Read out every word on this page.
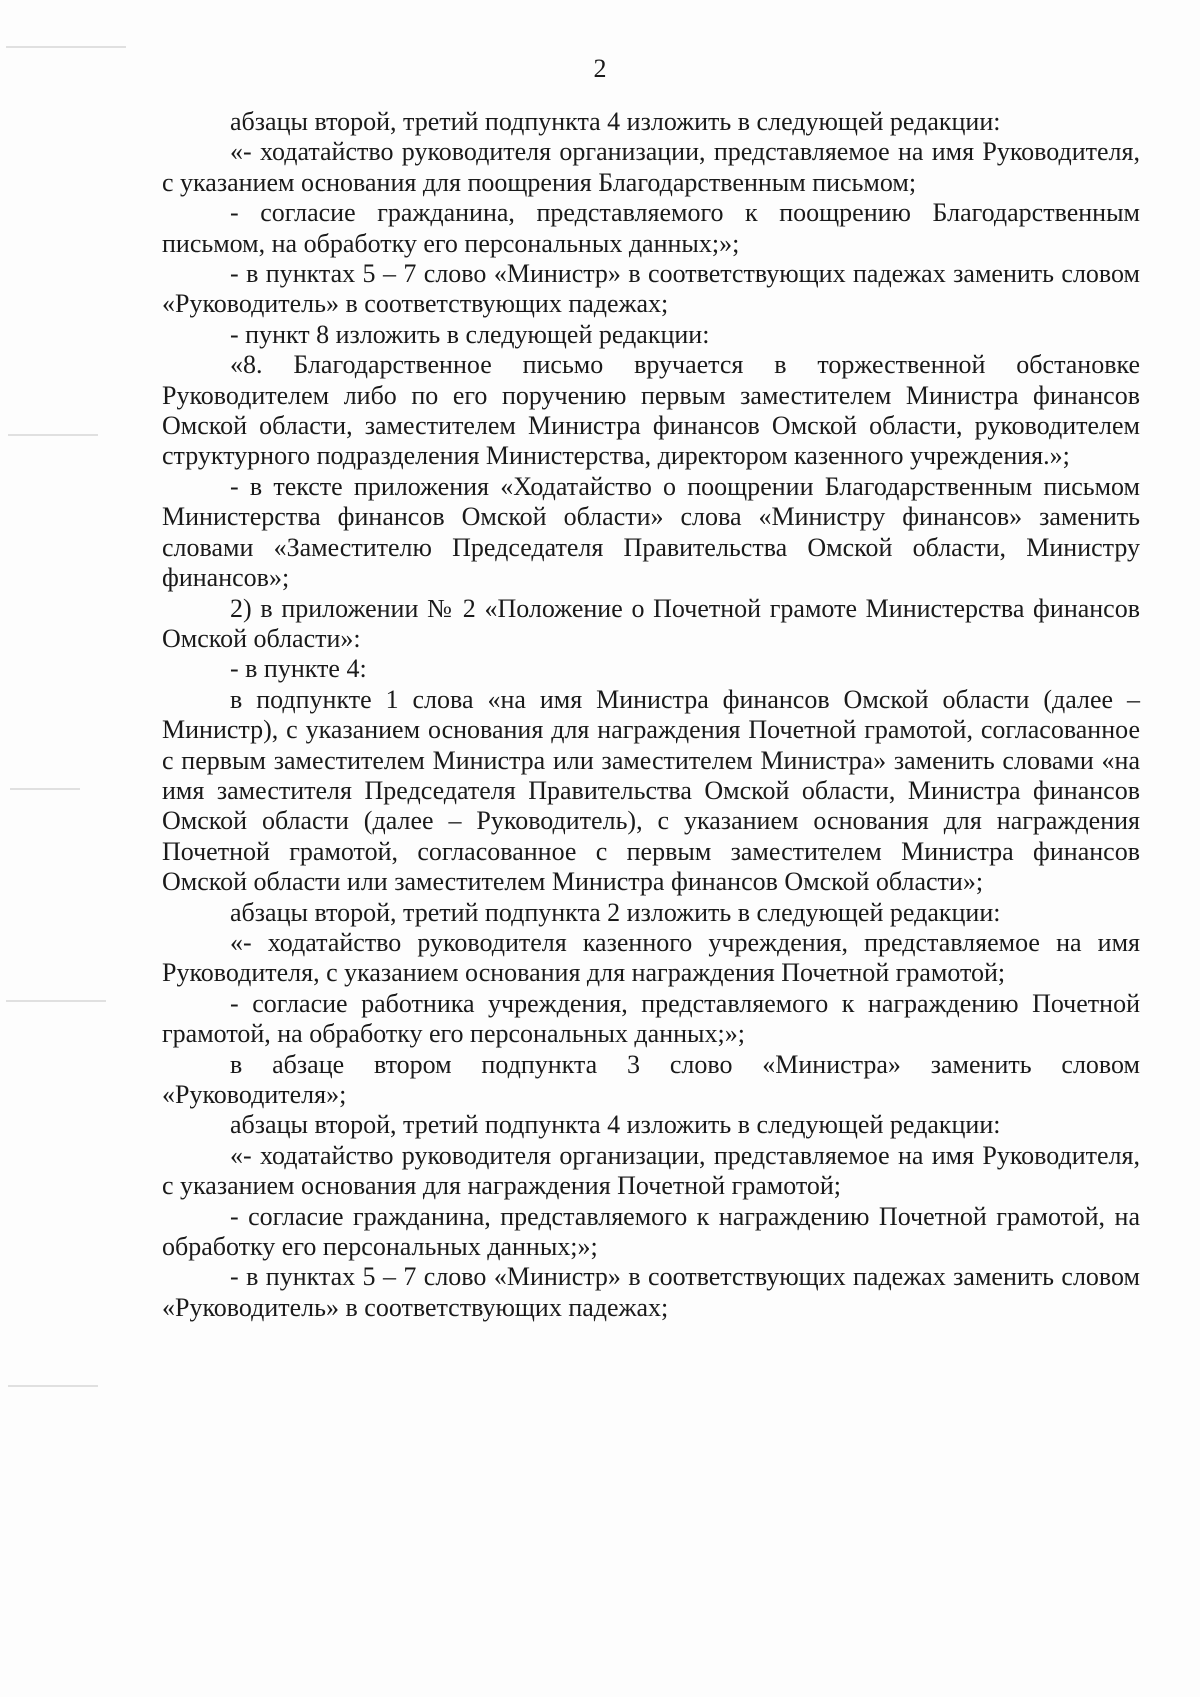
2

абзацы второй, третий подпункта 4 изложить в следующей редакции:

«- ходатайство руководителя организации, представляемое на имя Руководителя, с указанием основания для поощрения Благодарственным письмом;

- согласие гражданина, представляемого к поощрению Благодарственным письмом, на обработку его персональных данных;»;

- в пунктах 5 – 7 слово «Министр» в соответствующих падежах заменить словом «Руководитель» в соответствующих падежах;

- пункт 8 изложить в следующей редакции:

«8. Благодарственное письмо вручается в торжественной обстановке Руководителем либо по его поручению первым заместителем Министра финансов Омской области, заместителем Министра финансов Омской области, руководителем структурного подразделения Министерства, директором казенного учреждения.»;

- в тексте приложения «Ходатайство о поощрении Благодарственным письмом Министерства финансов Омской области» слова «Министру финансов» заменить словами «Заместителю Председателя Правительства Омской области, Министру финансов»;

2) в приложении № 2 «Положение о Почетной грамоте Министерства финансов Омской области»:

- в пункте 4:

в подпункте 1 слова «на имя Министра финансов Омской области (далее – Министр), с указанием основания для награждения Почетной грамотой, согласованное с первым заместителем Министра или заместителем Министра» заменить словами «на имя заместителя Председателя Правительства Омской области, Министра финансов Омской области (далее – Руководитель), с указанием основания для награждения Почетной грамотой, согласованное с первым заместителем Министра финансов Омской области или заместителем Министра финансов Омской области»;

абзацы второй, третий подпункта 2 изложить в следующей редакции:

«- ходатайство руководителя казенного учреждения, представляемое на имя Руководителя, с указанием основания для награждения Почетной грамотой;

- согласие работника учреждения, представляемого к награждению Почетной грамотой, на обработку его персональных данных;»;

в абзаце втором подпункта 3 слово «Министра» заменить словом «Руководителя»;

абзацы второй, третий подпункта 4 изложить в следующей редакции:

«- ходатайство руководителя организации, представляемое на имя Руководителя, с указанием основания для награждения Почетной грамотой;

- согласие гражданина, представляемого к награждению Почетной грамотой, на обработку его персональных данных;»;

- в пунктах 5 – 7 слово «Министр» в соответствующих падежах заменить словом «Руководитель» в соответствующих падежах;
